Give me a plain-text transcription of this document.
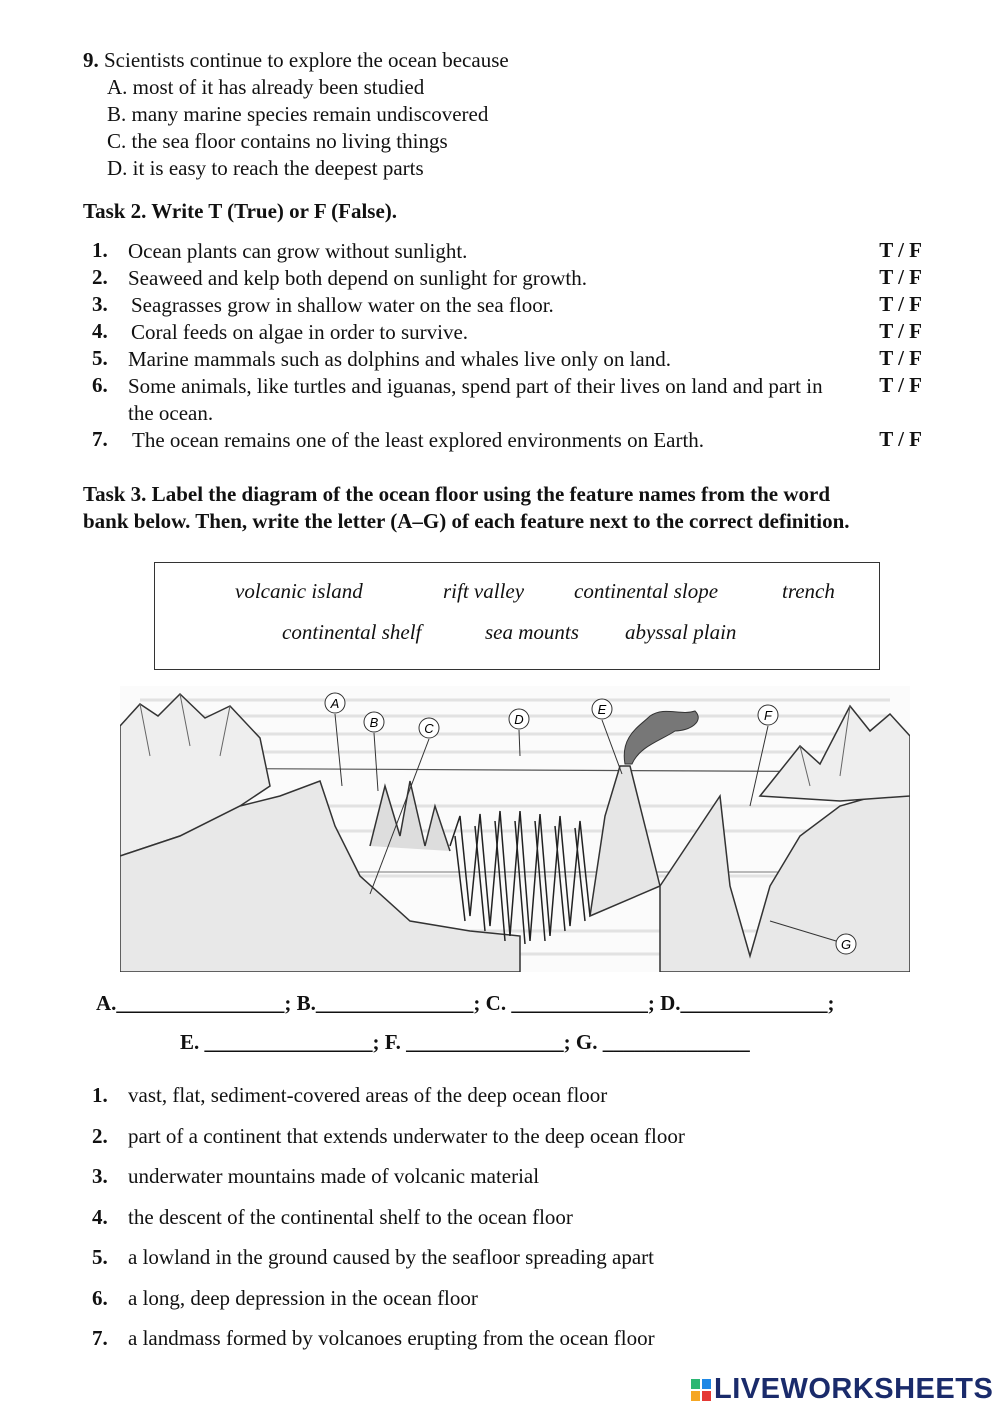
9. Scientists continue to explore the ocean because
A. most of it has already been studied
B. many marine species remain undiscovered
C. the sea floor contains no living things
D. it is easy to reach the deepest parts
Task 2. Write T (True) or F (False).
1. Ocean plants can grow without sunlight.	T / F
2. Seaweed and kelp both depend on sunlight for growth.	T / F
3. Seagrasses grow in shallow water on the sea floor.	T / F
4. Coral feeds on algae in order to survive.	T / F
5. Marine mammals such as dolphins and whales live only on land.	T / F
6. Some animals, like turtles and iguanas, spend part of their lives on land and part in the ocean.
T / F
7. The ocean remains one of the least explored environments on Earth.	T / F
Task 3. Label the diagram of the ocean floor using the feature names from the word
bank below. Then, write the letter (A–G) of each feature next to the correct definition.
volcanic island	rift valley continental slope	trench
continental shelf	sea mounts abyssal plain
A
B	C
D
E	F
G
A.________________; B._______________; C. _____________; D.______________;
E. ________________; F. _______________; G. ______________
1. vast, flat, sediment-covered areas of the deep ocean floor
2. part of a continent that extends underwater to the deep ocean floor
3. underwater mountains made of volcanic material
4. the descent of the continental shelf to the ocean floor
5. a lowland in the ground caused by the seafloor spreading apart
6. a long, deep depression in the ocean floor
7. a landmass formed by volcanoes erupting from the ocean floor
LIVEWORKSHEETS
